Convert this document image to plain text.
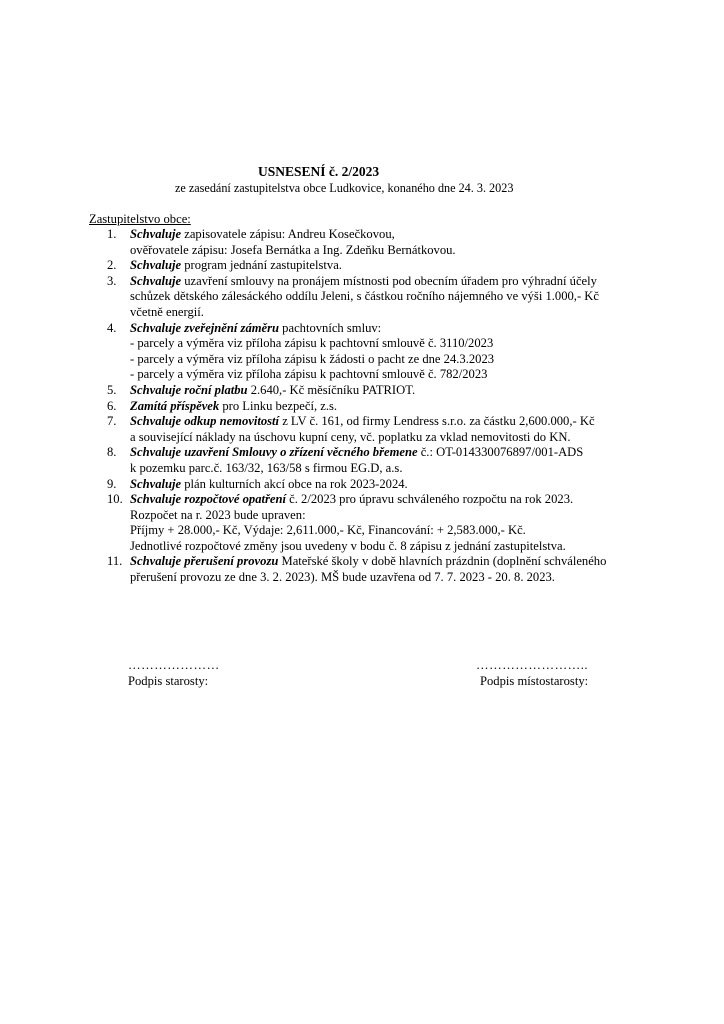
USNESENÍ č. 2/2023
ze zasedání zastupitelstva obce Ludkovice, konaného dne 24. 3. 2023
Zastupitelstvo obce:
1. Schvaluje zapisovatele zápisu: Andreu Kosečkovou,
ověřovatele zápisu: Josefa Bernátka a Ing. Zdeňku Bernátkovou.
2. Schvaluje program jednání zastupitelstva.
3. Schvaluje uzavření smlouvy na pronájem místnosti pod obecním úřadem pro výhradní účely
schůzek dětského zálesáckého oddílu Jeleni, s částkou ročního nájemného ve výši 1.000,- Kč
včetně energií.
4. Schvaluje zveřejnění záměru pachtovních smluv:
- parcely a výměra viz příloha zápisu k pachtovní smlouvě č. 3110/2023
- parcely a výměra viz příloha zápisu k žádosti o pacht ze dne 24.3.2023
- parcely a výměra viz příloha zápisu k pachtovní smlouvě č. 782/2023
5. Schvaluje roční platbu 2.640,- Kč měsíčníku PATRIOT.
6. Zamítá příspěvek pro Linku bezpečí, z.s.
7. Schvaluje odkup nemovitostí z LV č. 161, od firmy Lendress s.r.o. za částku 2,600.000,- Kč
a související náklady na úschovu kupní ceny, vč. poplatku za vklad nemovitosti do KN.
8. Schvaluje uzavření Smlouvy o zřízení věcného břemene č.: OT-014330076897/001-ADS
k pozemku parc.č. 163/32, 163/58 s firmou EG.D, a.s.
9. Schvaluje plán kulturních akcí obce na rok 2023-2024.
10. Schvaluje rozpočtové opatření č. 2/2023 pro úpravu schváleného rozpočtu na rok 2023.
Rozpočet na r. 2023 bude upraven:
Příjmy + 28.000,- Kč, Výdaje: 2,611.000,- Kč, Financování: + 2,583.000,- Kč.
Jednotlivé rozpočtové změny jsou uvedeny v bodu č. 8 zápisu z jednání zastupitelstva.
11. Schvaluje přerušení provozu Mateřské školy v době hlavních prázdnin (doplnění schváleného
přerušení provozu ze dne 3. 2. 2023). MŠ bude uzavřena od 7. 7. 2023 - 20. 8. 2023.
…………………	……………………..
Podpis starosty:	Podpis místostarosty:
